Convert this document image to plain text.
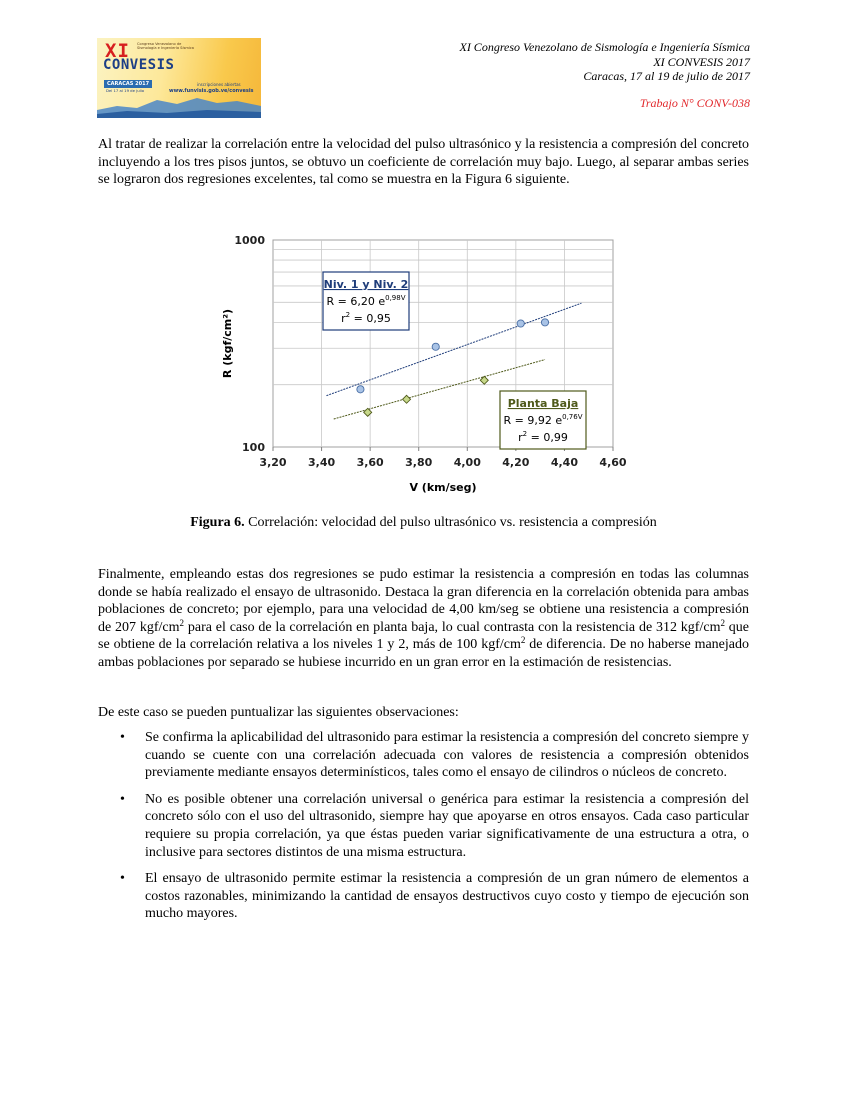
XI Congreso Venezolano de Sismología e Ingeniería Sísmica
CONVESIS
CARACAS 2017
Del 17 al 19 de julio
inscripciones abiertas
www.funvisis.gob.ve/convesis
XI Congreso Venezolano de Sismología e Ingeniería Sísmica
XI CONVESIS 2017
Caracas, 17 al 19 de julio de 2017
Trabajo N° CONV-038
Al tratar de realizar la correlación entre la velocidad del pulso ultrasónico y la resistencia a compresión del concreto incluyendo a los tres pisos juntos, se obtuvo un coeficiente de correlación muy bajo. Luego, al separar ambas series se lograron dos regresiones excelentes, tal como se muestra en la Figura 6 siguiente.
100
1000
3,20 3,40 3,60 3,80 4,00 4,20 4,40 4,60
V (km/seg)
R (kgf/cm²)
Niv. 1 y Niv. 2
R = 6,20 $e^{0,98V}$
$r^2 = 0,95$
Planta Baja
R = 9,92 $e^{0,76V}$
$r^2 = 0,99$
Figura 6. Correlación: velocidad del pulso ultrasónico vs. resistencia a compresión
Finalmente, empleando estas dos regresiones se pudo estimar la resistencia a compresión en todas las columnas donde se había realizado el ensayo de ultrasonido. Destaca la gran diferencia en la correlación obtenida para ambas poblaciones de concreto; por ejemplo, para una velocidad de 4,00 km/seg se obtiene una resistencia a compresión de 207 kgf/$cm^2$ para el caso de la correlación en planta baja, lo cual contrasta con la resistencia de 312 kgf/$cm^2$ que se obtiene de la correlación relativa a los niveles 1 y 2, más de 100 kgf/$cm^2$ de diferencia. De no haberse manejado ambas poblaciones por separado se hubiese incurrido en un gran error en la estimación de resistencias.
De este caso se pueden puntualizar las siguientes observaciones:
• Se confirma la aplicabilidad del ultrasonido para estimar la resistencia a compresión del concreto siempre y cuando se cuente con una correlación adecuada con valores de resistencia a compresión obtenidos previamente mediante ensayos determinísticos, tales como el ensayo de cilindros o núcleos de concreto.
• No es posible obtener una correlación universal o genérica para estimar la resistencia a compresión del concreto sólo con el uso del ultrasonido, siempre hay que apoyarse en otros ensayos. Cada caso particular requiere su propia correlación, ya que éstas pueden variar significativamente de una estructura a otra, o inclusive para sectores distintos de una misma estructura.
• El ensayo de ultrasonido permite estimar la resistencia a compresión de un gran número de elementos a costos razonables, minimizando la cantidad de ensayos destructivos cuyo costo y tiempo de ejecución son mucho mayores.
